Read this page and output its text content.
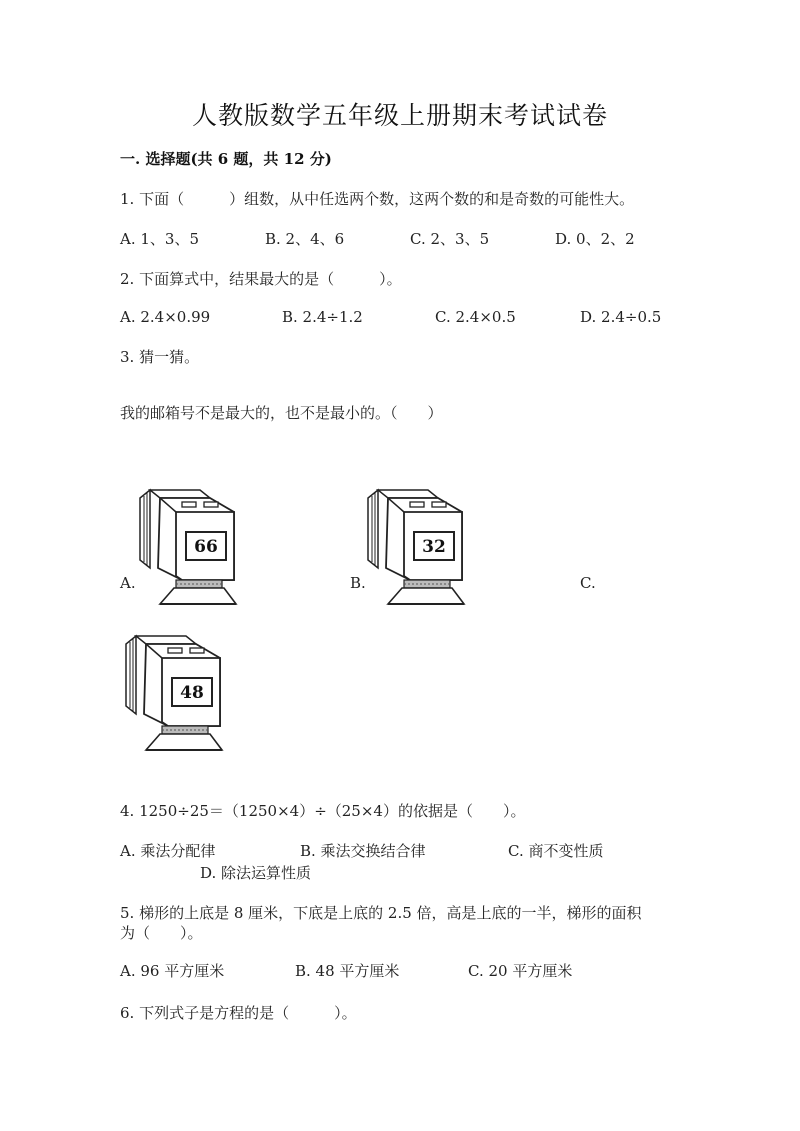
人教版数学五年级上册期末考试试卷
一. 选择题(共 6 题，共 12 分)
1. 下面（　　　）组数，从中任选两个数，这两个数的和是奇数的可能性大。
A. 1、3、5	B. 2、4、6	C. 2、3、5	D. 0、2、2
2. 下面算式中，结果最大的是（　　　）。
A. 2.4×0.99	B. 2.4÷1.2	C. 2.4×0.5	D. 2.4÷0.5
3. 猜一猜。
我的邮箱号不是最大的，也不是最小的。（　　）
A.	B.	C.
66	32
48
4. 1250÷25＝（1250×4）÷（25×4）的依据是（　　）。
A. 乘法分配律	B. 乘法交换结合律	C. 商不变性质
D. 除法运算性质
5. 梯形的上底是 8 厘米，下底是上底的 2.5 倍，高是上底的一半，梯形的面积
为（　　）。
A. 96 平方厘米	B. 48 平方厘米	C. 20 平方厘米
6. 下列式子是方程的是（　　　）。
